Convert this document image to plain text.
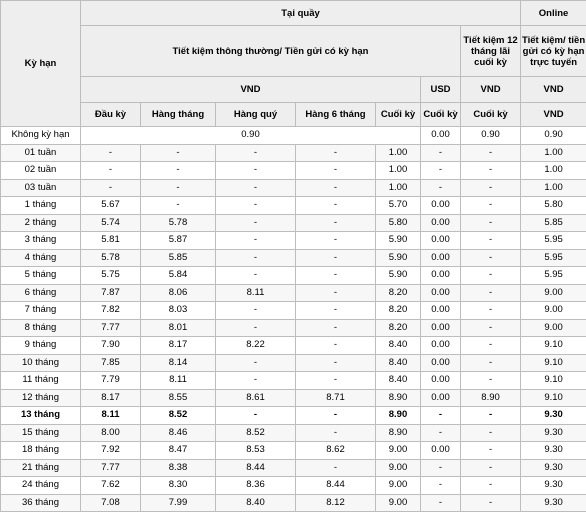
Kỳ hạn	Tại quầy							Online
	Tiết kiệm thông thường/ Tiền gửi có kỳ hạn						Tiết kiệm 12 tháng lãi cuối kỳ	Tiết kiệm/ tiền gửi có kỳ hạn trực tuyến
	VND					USD	VND	VND
	Đầu kỳ	Hàng tháng	Hàng quý	Hàng 6 tháng	Cuối kỳ	Cuối kỳ	Cuối kỳ	VND
Không kỳ hạn	0.90					0.00	0.90	0.90
01 tuần	-	-	-	-	1.00	-	-	1.00
02 tuần	-	-	-	-	1.00	-	-	1.00
03 tuần	-	-	-	-	1.00	-	-	1.00
1 tháng	5.67	-	-	-	5.70	0.00	-	5.80
2 tháng	5.74	5.78	-	-	5.80	0.00	-	5.85
3 tháng	5.81	5.87	-	-	5.90	0.00	-	5.95
4 tháng	5.78	5.85	-	-	5.90	0.00	-	5.95
5 tháng	5.75	5.84	-	-	5.90	0.00	-	5.95
6 tháng	7.87	8.06	8.11	-	8.20	0.00	-	9.00
7 tháng	7.82	8.03	-	-	8.20	0.00	-	9.00
8 tháng	7.77	8.01	-	-	8.20	0.00	-	9.00
9 tháng	7.90	8.17	8.22	-	8.40	0.00	-	9.10
10 tháng	7.85	8.14	-	-	8.40	0.00	-	9.10
11 tháng	7.79	8.11	-	-	8.40	0.00	-	9.10
12 tháng	8.17	8.55	8.61	8.71	8.90	0.00	8.90	9.10
13 tháng	8.11	8.52	-	-	8.90	-	-	9.30
15 tháng	8.00	8.46	8.52	-	8.90	-	-	9.30
18 tháng	7.92	8.47	8.53	8.62	9.00	0.00	-	9.30
21 tháng	7.77	8.38	8.44	-	9.00	-	-	9.30
24 tháng	7.62	8.30	8.36	8.44	9.00	-	-	9.30
36 tháng	7.08	7.99	8.40	8.12	9.00	-	-	9.30
